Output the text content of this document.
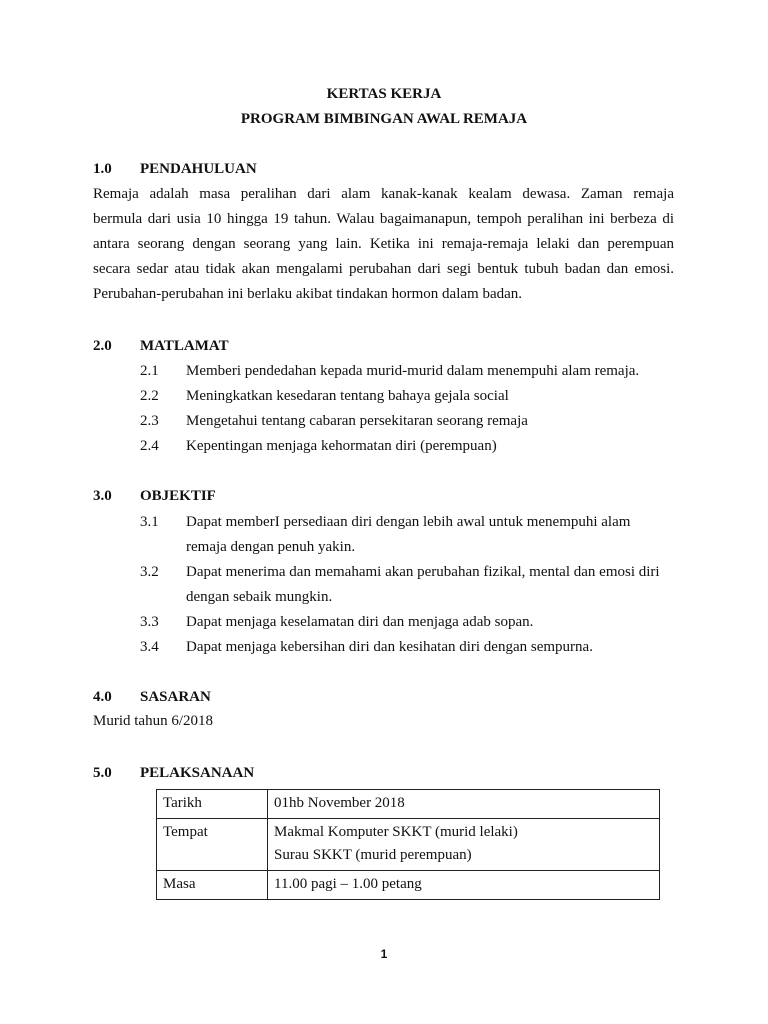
KERTAS KERJA
PROGRAM BIMBINGAN AWAL REMAJA
1.0 PENDAHULUAN
Remaja adalah masa peralihan dari alam kanak-kanak kealam dewasa. Zaman remaja
bermula dari usia 10 hingga 19 tahun. Walau bagaimanapun, tempoh peralihan ini berbeza di
antara seorang dengan seorang yang lain. Ketika ini remaja-remaja lelaki dan perempuan
secara sedar atau tidak akan mengalami perubahan dari segi bentuk tubuh badan dan emosi.
Perubahan-perubahan ini berlaku akibat tindakan hormon dalam badan.
2.0 MATLAMAT
2.1 Memberi pendedahan kepada murid-murid dalam menempuhi alam remaja.
2.2 Meningkatkan kesedaran tentang bahaya gejala social
2.3 Mengetahui tentang cabaran persekitaran seorang remaja
2.4 Kepentingan menjaga kehormatan diri (perempuan)
3.0 OBJEKTIF
3.1 Dapat memberI persediaan diri dengan lebih awal untuk menempuhi alam
remaja dengan penuh yakin.
3.2 Dapat menerima dan memahami akan perubahan fizikal, mental dan emosi diri
dengan sebaik mungkin.
3.3 Dapat menjaga keselamatan diri dan menjaga adab sopan.
3.4 Dapat menjaga kebersihan diri dan kesihatan diri dengan sempurna.
4.0 SASARAN
Murid tahun 6/2018
5.0 PELAKSANAAN
Tarikh	01hb November 2018

Tempat	Makmal Komputer SKKT (murid lelaki)
Surau SKKT (murid perempuan)

Masa	11.00 pagi – 1.00 petang
1
